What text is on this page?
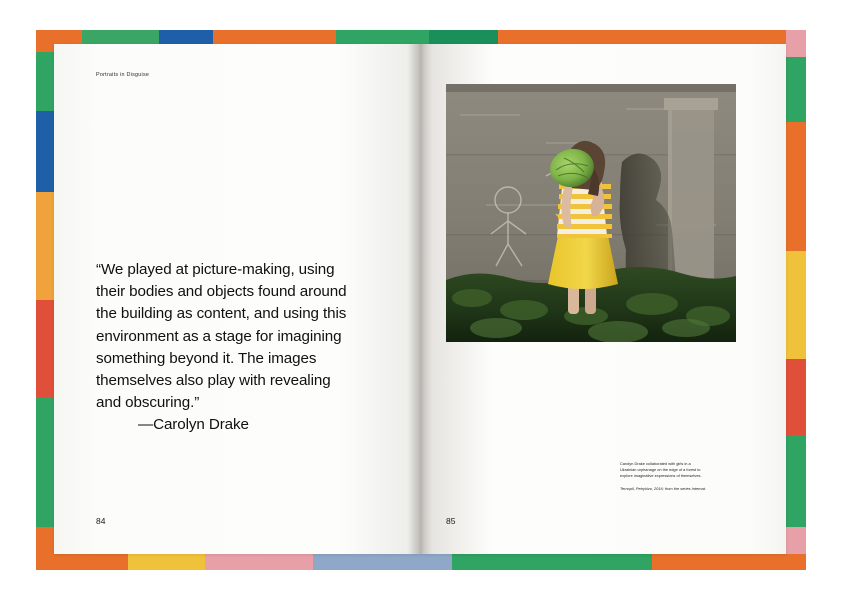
Portraits in Disguise
“We played at picture-making, using their bodies and objects found around the building as content, and using this environment as a stage for imagining something beyond it. The images themselves also play with revealing and obscuring.”
—Carolyn Drake
84

Carolyn Drake collaborated with girls in a Ukrainian orphanage on the edge of a forest to explore imaginative expressions of themselves.

Ternopil, Petrykivo, 2016; from the series Internat.

85
